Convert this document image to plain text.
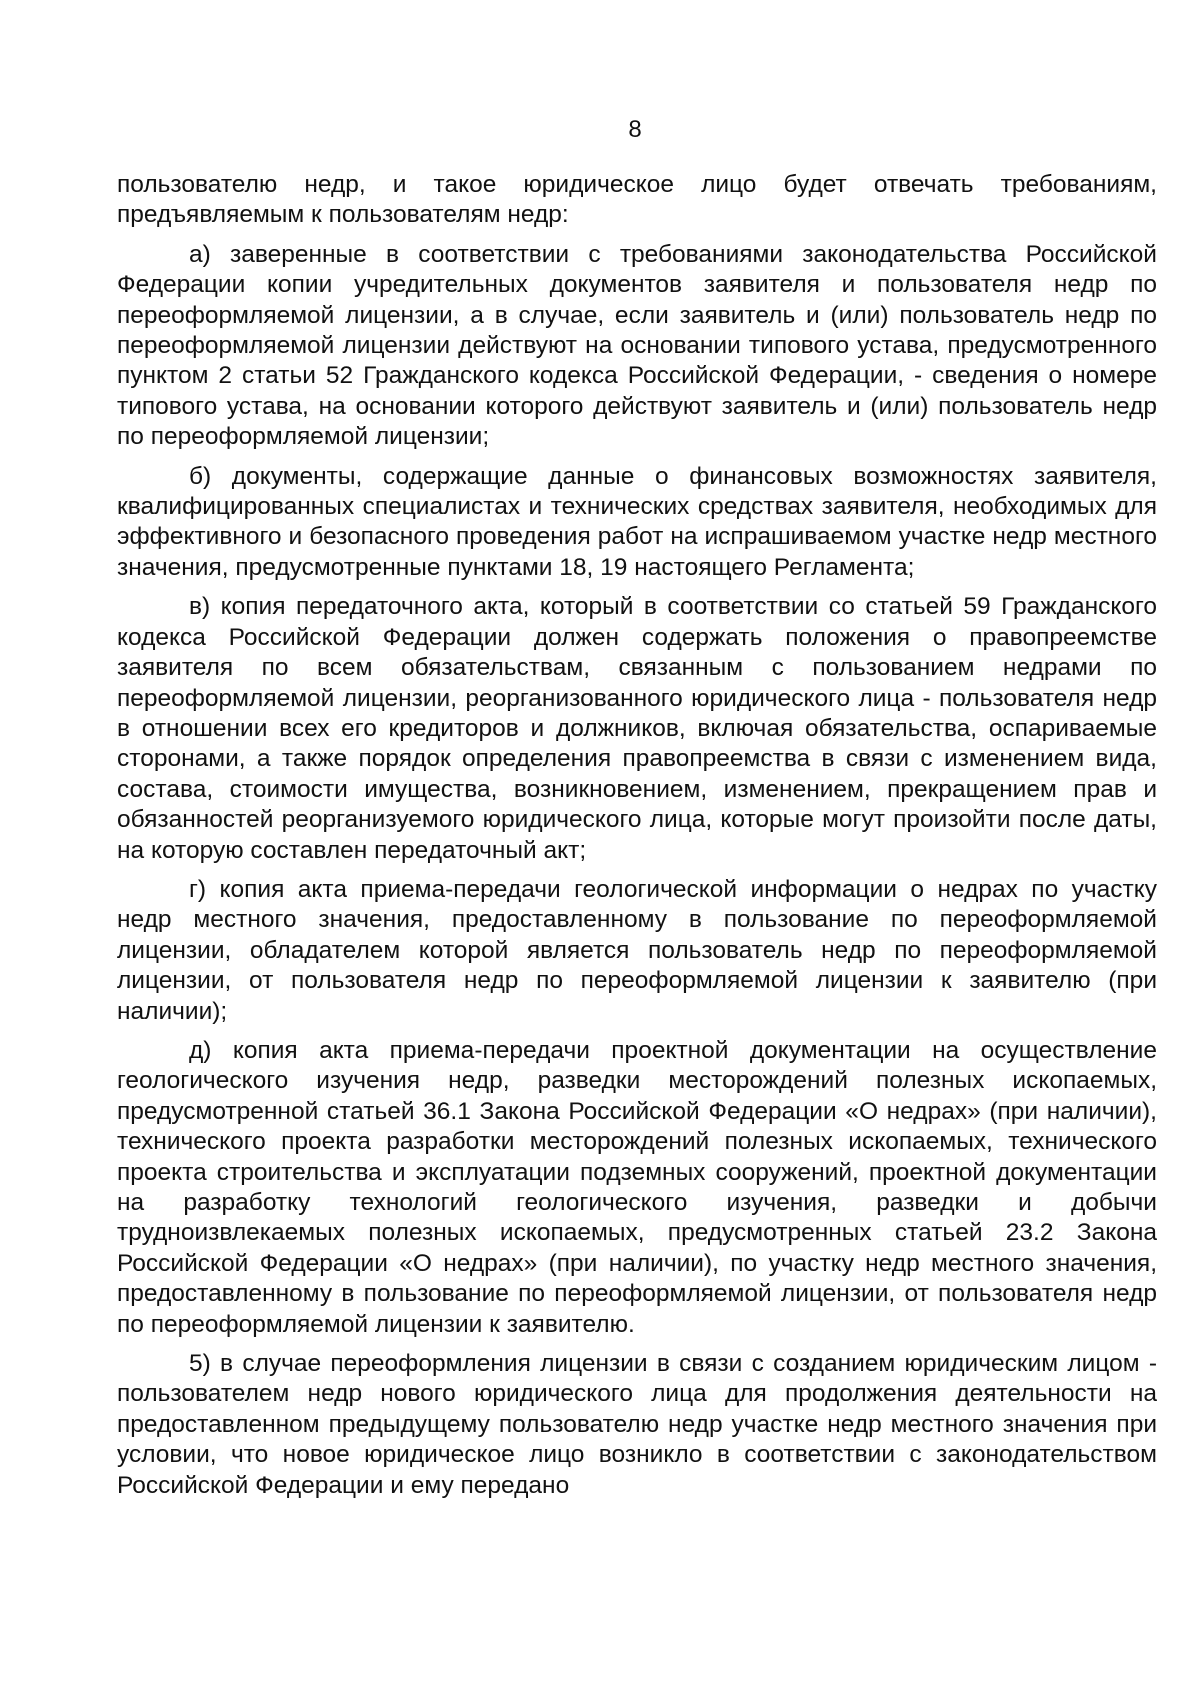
8

пользователю недр, и такое юридическое лицо будет отвечать требованиям, предъявляемым к пользователям недр:

а) заверенные в соответствии с требованиями законодательства Российской Федерации копии учредительных документов заявителя и пользователя недр по переоформляемой лицензии, а в случае, если заявитель и (или) пользователь недр по переоформляемой лицензии действуют на основании типового устава, предусмотренного пунктом 2 статьи 52 Гражданского кодекса Российской Федерации, - сведения о номере типового устава, на основании которого действуют заявитель и (или) пользователь недр по переоформляемой лицензии;

б) документы, содержащие данные о финансовых возможностях заявителя, квалифицированных специалистах и технических средствах заявителя, необходимых для эффективного и безопасного проведения работ на испрашиваемом участке недр местного значения, предусмотренные пунктами 18, 19 настоящего Регламента;

в) копия передаточного акта, который в соответствии со статьей 59 Гражданского кодекса Российской Федерации должен содержать положения о правопреемстве заявителя по всем обязательствам, связанным с пользованием недрами по переоформляемой лицензии, реорганизованного юридического лица - пользователя недр в отношении всех его кредиторов и должников, включая обязательства, оспариваемые сторонами, а также порядок определения правопреемства в связи с изменением вида, состава, стоимости имущества, возникновением, изменением, прекращением прав и обязанностей реорганизуемого юридического лица, которые могут произойти после даты, на которую составлен передаточный акт;

г) копия акта приема-передачи геологической информации о недрах по участку недр местного значения, предоставленному в пользование по переоформляемой лицензии, обладателем которой является пользователь недр по переоформляемой лицензии, от пользователя недр по переоформляемой лицензии к заявителю (при наличии);

д) копия акта приема-передачи проектной документации на осуществление геологического изучения недр, разведки месторождений полезных ископаемых, предусмотренной статьей 36.1 Закона Российской Федерации «О недрах» (при наличии), технического проекта разработки месторождений полезных ископаемых, технического проекта строительства и эксплуатации подземных сооружений, проектной документации на разработку технологий геологического изучения, разведки и добычи трудноизвлекаемых полезных ископаемых, предусмотренных статьей 23.2 Закона Российской Федерации «О недрах» (при наличии), по участку недр местного значения, предоставленному в пользование по переоформляемой лицензии, от пользователя недр по переоформляемой лицензии к заявителю.

5) в случае переоформления лицензии в связи с созданием юридическим лицом - пользователем недр нового юридического лица для продолжения деятельности на предоставленном предыдущему пользователю недр участке недр местного значения при условии, что новое юридическое лицо возникло в соответствии с законодательством Российской Федерации и ему передано
